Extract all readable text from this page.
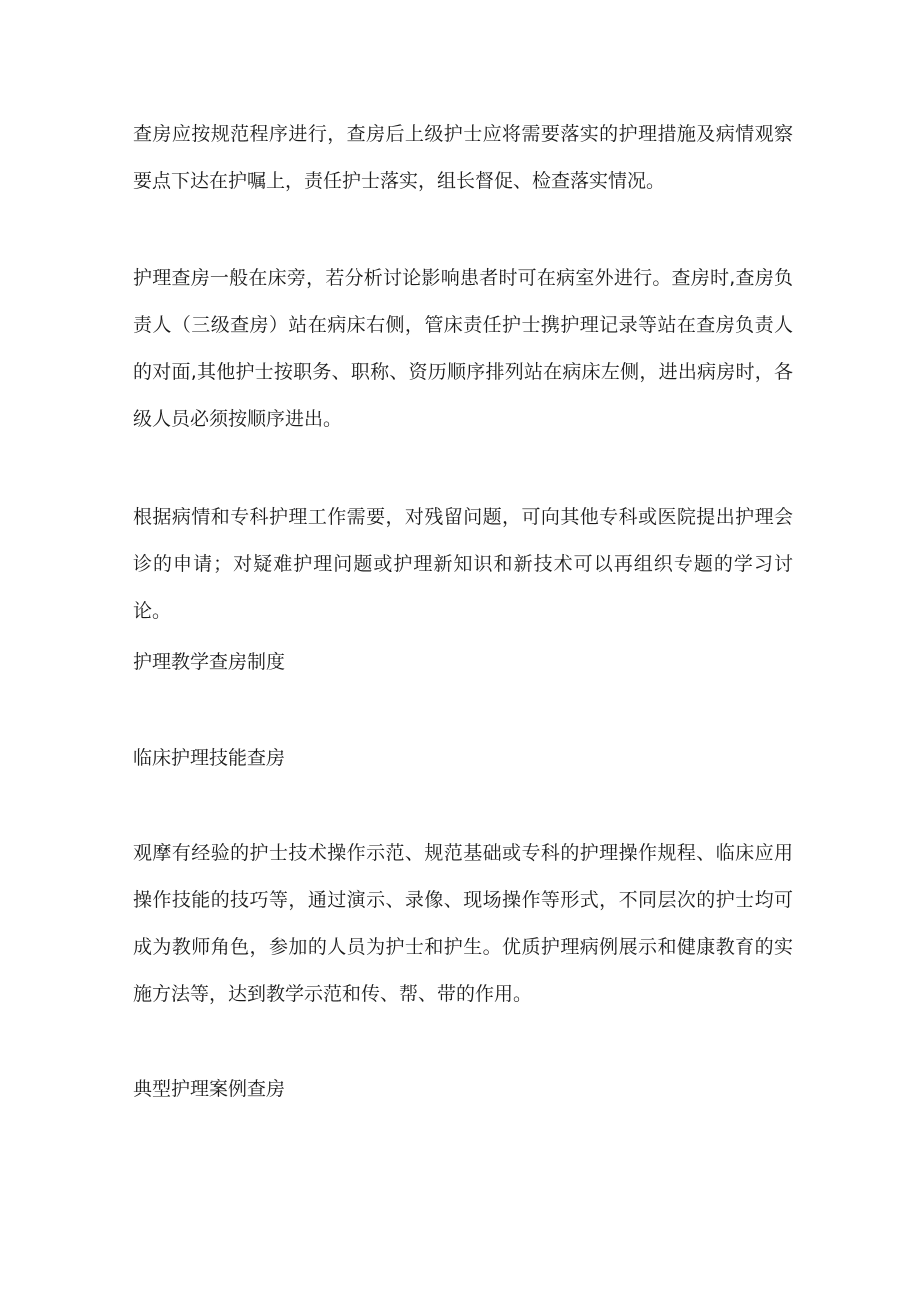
查房应按规范程序进行，查房后上级护士应将需要落实的护理措施及病情观察要点下达在护嘱上，责任护士落实，组长督促、检查落实情况。

护理查房一般在床旁，若分析讨论影响患者时可在病室外进行。查房时,查房负责人（三级查房）站在病床右侧，管床责任护士携护理记录等站在查房负责人的对面,其他护士按职务、职称、资历顺序排列站在病床左侧，进出病房时，各级人员必须按顺序进出。

根据病情和专科护理工作需要，对残留问题，可向其他专科或医院提出护理会诊的申请；对疑难护理问题或护理新知识和新技术可以再组织专题的学习讨论。

护理教学查房制度

临床护理技能查房

观摩有经验的护士技术操作示范、规范基础或专科的护理操作规程、临床应用操作技能的技巧等，通过演示、录像、现场操作等形式，不同层次的护士均可成为教师角色，参加的人员为护士和护生。优质护理病例展示和健康教育的实施方法等，达到教学示范和传、帮、带的作用。

典型护理案例查房
